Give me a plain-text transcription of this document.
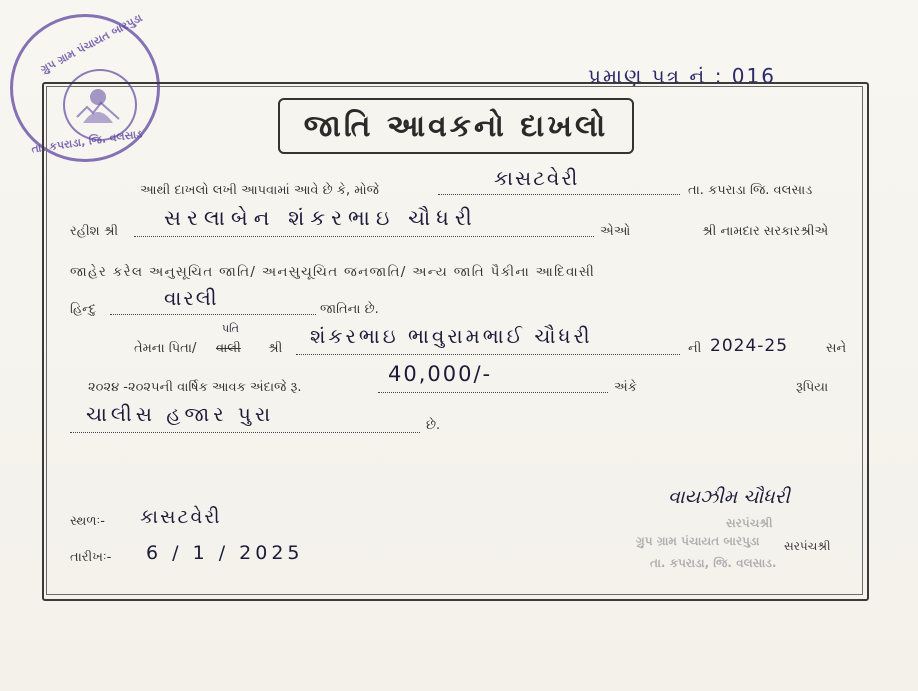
ગ્રુપ ગ્રામ પંચાયત બારપુડા
તા. કપરાડા, જિ. વલસાડ
પ્રમાણ પત્ર નં : 016
જાતિ આવકનો દાખલો
આથી દાખલો લખી આપવામાં આવે છે કે, મોજે
કાસટવેરી
તા. કપરાડા જિ. વલસાડ
રહીશ શ્રી
સરલાબેન શંકરભાઇ ચૌધરી
એઓ	શ્રી નામદાર સરકારશ્રીએ
જાહેર કરેલ અનુસૂચિત જાતિ/ અનસુચૂચિત જનજાતિ/ અન્ય જાતિ પૈકીના આદિવાસી
હિન્દુ	વારલી	જાતિના છે.
તેમના પિતા/ વાલી
પતિ
શ્રી
શંકરભાઇ ભાવુરામભાઈ ચૌધરી
ની 2024-25	સને
૨૦૨૪ -૨૦૨૫ની વાર્ષિક આવક અંદાજે રૂ.
40,000/-
અંકે	રૂપિયા
ચાલીસ હજાર પુરા	છે.
સ્થળઃ- કાસટવેરી
તારીખઃ- 6 / 1 / 2025
વાયઝીમ ચૌધરી
સરપંચશ્રી
ગ્રુપ ગ્રામ પંચાયત બારપુડા સરપંચશ્રી
તા. કપરાડા, જિ. વલસાડ.
